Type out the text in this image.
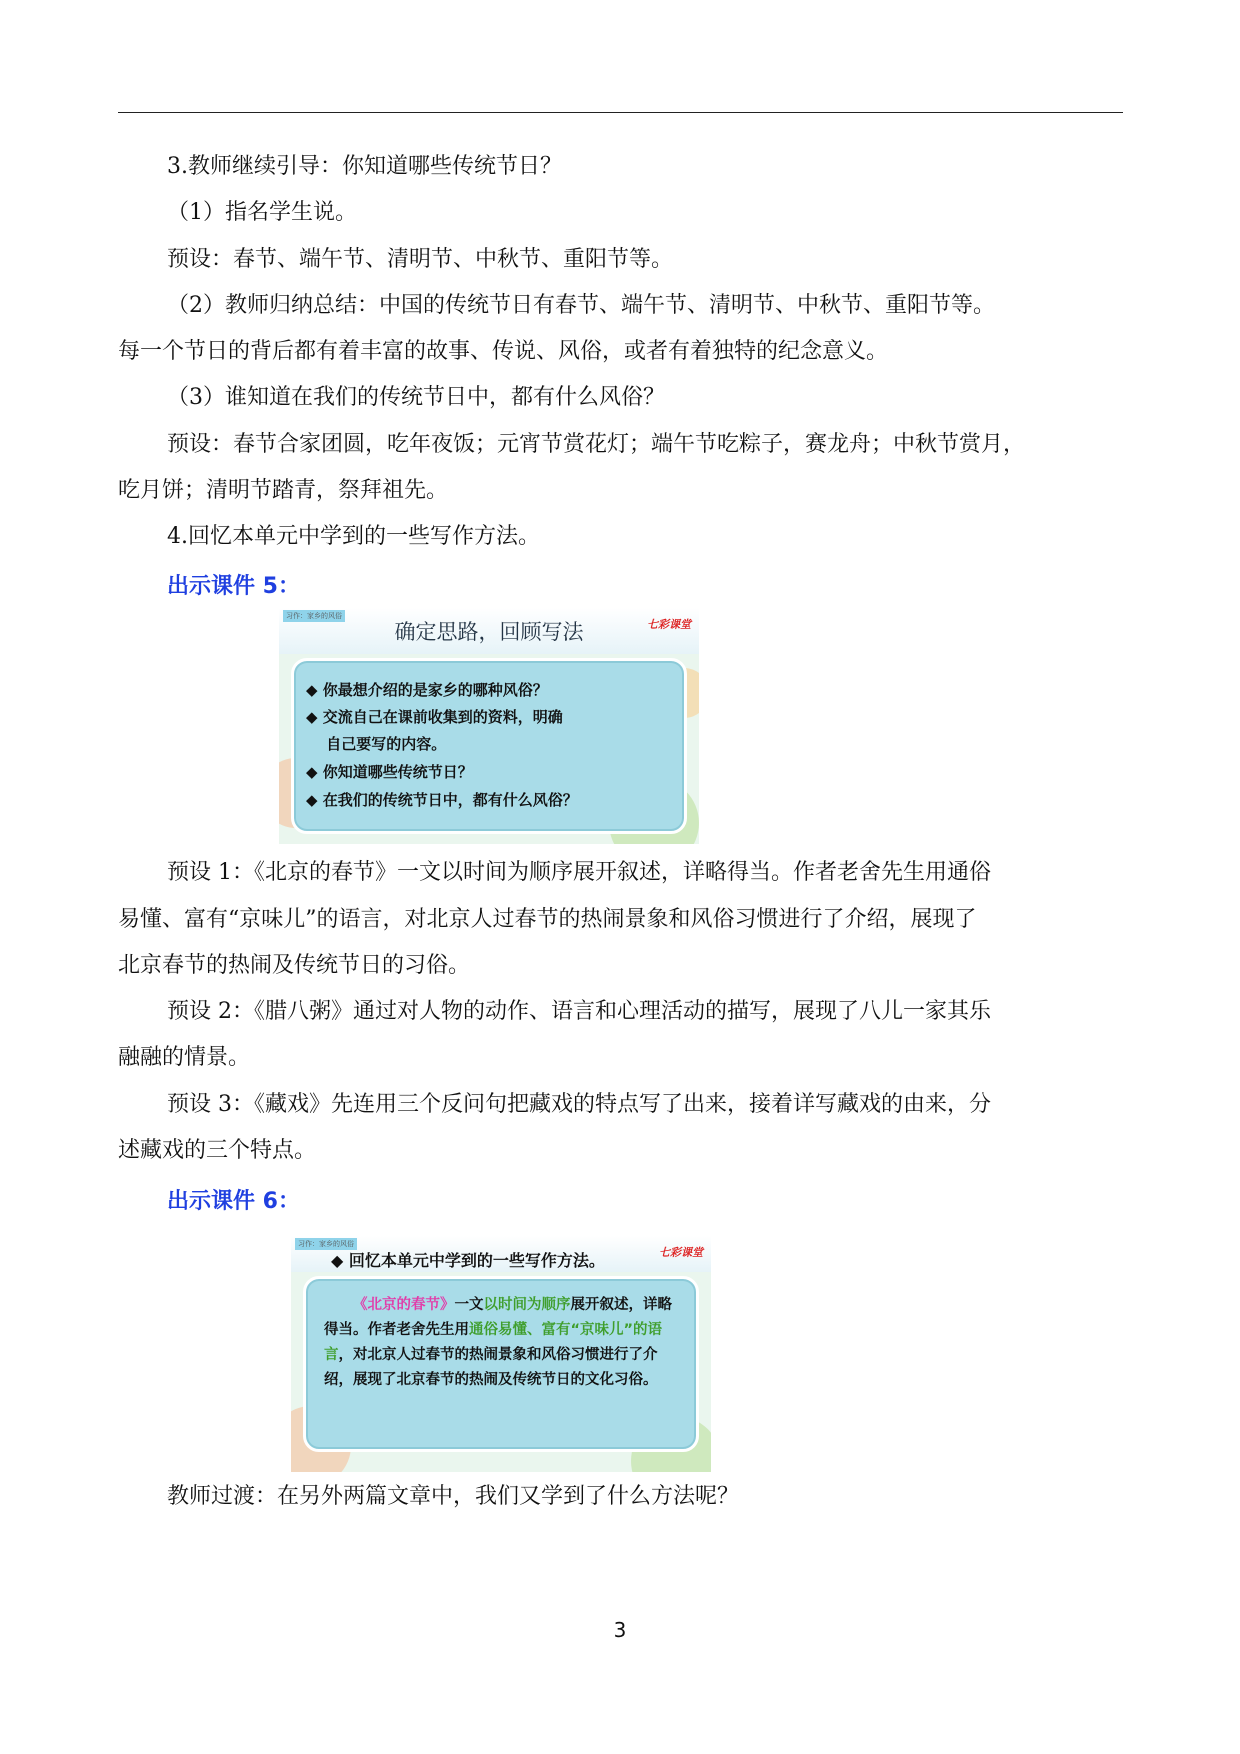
3.教师继续引导：你知道哪些传统节日？
（1）指名学生说。
预设：春节、端午节、清明节、中秋节、重阳节等。
（2）教师归纳总结：中国的传统节日有春节、端午节、清明节、中秋节、重阳节等。
每一个节日的背后都有着丰富的故事、传说、风俗，或者有着独特的纪念意义。
（3）谁知道在我们的传统节日中，都有什么风俗？
预设：春节合家团圆，吃年夜饭；元宵节赏花灯；端午节吃粽子，赛龙舟；中秋节赏月，
吃月饼；清明节踏青，祭拜祖先。
4.回忆本单元中学到的一些写作方法。
出示课件 5：
习作：家乡的风俗
七彩课堂
确定思路，回顾写法
◆ 你最想介绍的是家乡的哪种风俗？
◆ 交流自己在课前收集到的资料，明确
　 自己要写的内容。
◆ 你知道哪些传统节日？
◆ 在我们的传统节日中，都有什么风俗？
预设 1：《北京的春节》一文以时间为顺序展开叙述，详略得当。作者老舍先生用通俗
易懂、富有“京味儿”的语言，对北京人过春节的热闹景象和风俗习惯进行了介绍，展现了
北京春节的热闹及传统节日的习俗。
预设 2：《腊八粥》通过对人物的动作、语言和心理活动的描写，展现了八儿一家其乐
融融的情景。
预设 3：《藏戏》先连用三个反问句把藏戏的特点写了出来，接着详写藏戏的由来，分
述藏戏的三个特点。
出示课件 6：
习作：家乡的风俗
七彩课堂
◆ 回忆本单元中学到的一些写作方法。
《北京的春节》一文以时间为顺序展开叙述，详略得当。作者老舍先生用通俗易懂、富有“京味儿”的语言，对北京人过春节的热闹景象和风俗习惯进行了介绍，展现了北京春节的热闹及传统节日的文化习俗。
教师过渡：在另外两篇文章中，我们又学到了什么方法呢？
3
